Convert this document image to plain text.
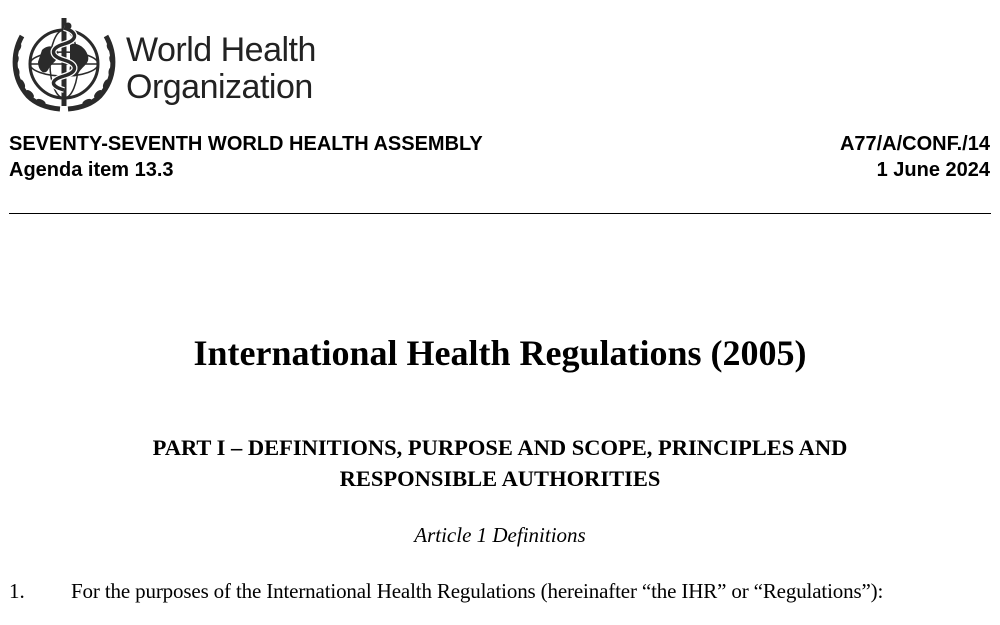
World Health
Organization
SEVENTY-SEVENTH WORLD HEALTH ASSEMBLY
Agenda item 13.3
A77/A/CONF./14
1 June 2024
International Health Regulations (2005)
PART I – DEFINITIONS, PURPOSE AND SCOPE, PRINCIPLES AND
RESPONSIBLE AUTHORITIES
Article 1 Definitions
1. For the purposes of the International Health Regulations (hereinafter “the IHR” or “Regulations”):
